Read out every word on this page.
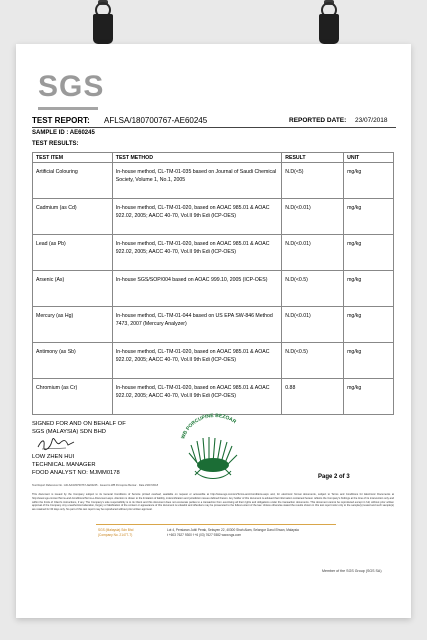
SGS
TEST REPORT: AFLSA/180700767-AE60245	REPORTED DATE: 23/07/2018
SAMPLE ID : AE60245
TEST RESULTS:
TEST ITEM	TEST METHOD	RESULT	UNIT
Artificial Colouring	In-house method, CL-TM-01-035 based on Journal of Saudi Chemical Society, Volume 1, No.1, 2005	N.D(<5)	mg/kg
Cadmium (as Cd)	In-house method, CL-TM-01-020, based on AOAC 985.01 & AOAC 922.02, 2005; AACC 40-70, Vol.II 9th Edi (ICP-OES)	N.D(<0.01)	mg/kg
Lead (as Pb)	In-house method, CL-TM-01-020, based on AOAC 985.01 & AOAC 922.02, 2005; AACC 40-70, Vol.II 9th Edi (ICP-OES)	N.D(<0.01)	mg/kg
Arsenic (As)	In-house SGS/SOP/004 based on AOAC 999.10, 2005 (ICP-OES)	N.D(<0.5)	mg/kg
Mercury (as Hg)	In-house method, CL-TM-01-044 based on US EPA SW-846 Method 7473, 2007 (Mercury Analyzer)	N.D(<0.01)	mg/kg
Antimony (as Sb)	In-house method, CL-TM-01-020, based on AOAC 985.01 & AOAC 922.02, 2005; AACC 40-70, Vol.II 9th Edi (ICP-OES)	N.D(<0.5)	mg/kg
Chromium (as Cr)	In-house method, CL-TM-01-020, based on AOAC 985.01 & AOAC 922.02, 2005; AACC 40-70, Vol.II 9th Edi (ICP-OES)	0.88	mg/kg
SIGNED FOR AND ON BEHALF OF
SGS (MALAYSIA) SDN BHD
LOW ZHEN HUI
TECHNICAL MANAGER
FOOD ANALYST NO: MJMM0178
WB PORCUPINE BEZOAR
Page 2 of 3
Test Report Reference No.: AFLSA/180700767-AE60245 · Issued to WB Porcupine Bezoar · Date 23/07/2018
This document is issued by the Company subject to its General Conditions of Service printed overleaf, available on request or accessible at http://www.sgs.com/en/Terms-and-Conditions.aspx and, for electronic format documents, subject to Terms and Conditions for Electronic Documents at http://www.sgs.com/en/Terms-and-Conditions/Terms-e-Document.aspx. Attention is drawn to the limitation of liability, indemnification and jurisdiction issues defined therein. Any holder of this document is advised that information contained hereon reflects the Company's findings at the time of its intervention only and within the limits of Client's instructions, if any. The Company's sole responsibility is to its Client and this document does not exonerate parties to a transaction from exercising all their rights and obligations under the transaction documents. This document cannot be reproduced except in full, without prior written approval of the Company. Any unauthorized alteration, forgery or falsification of the content or appearance of this document is unlawful and offenders may be prosecuted to the fullest extent of the law. Unless otherwise stated the results shown in this test report refer only to the sample(s) tested and such sample(s) are retained for 30 days only. No part of this test report may be reproduced without prior written approval.
SGS (Malaysia) Sdn Bhd
(Company No. 21477-T)
Lot 4, Persiaran Jubli Perak, Seksyen 22, 40300 Shah Alam, Selangor Darul Ehsan, Malaysia
t +603 7627 9300 f +6 (03) 7627 9382 www.sgs.com
Member of the SGS Group (SGS SA)
